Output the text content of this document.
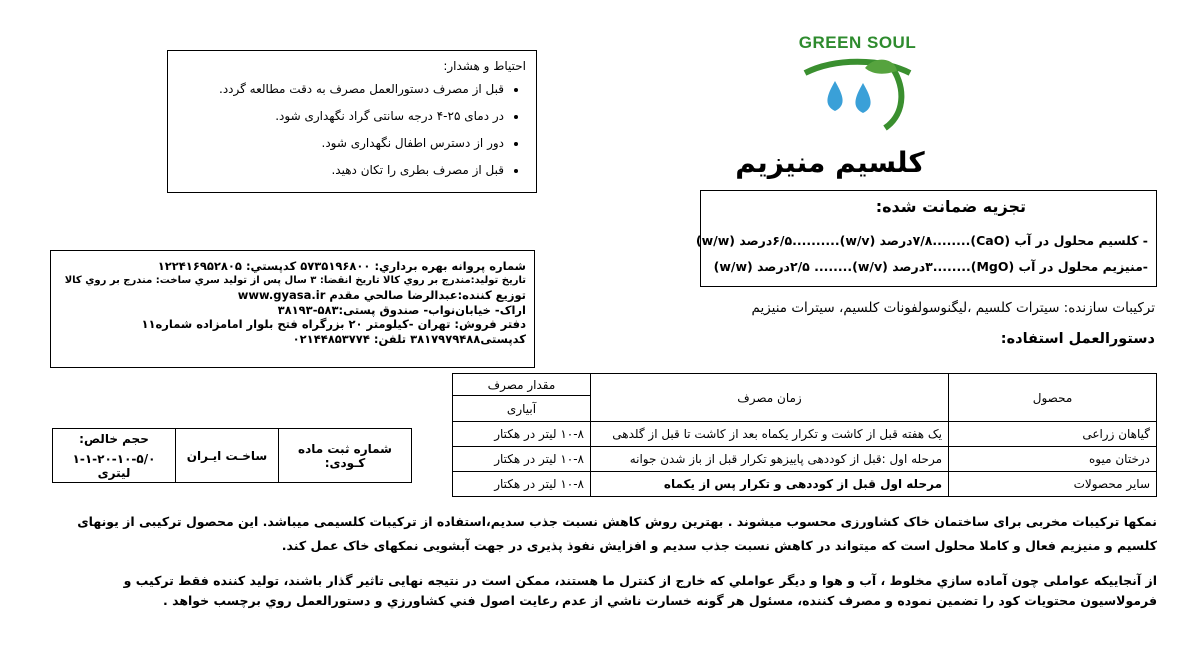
GREEN SOUL
احتیاط و هشدار:
• قبل از مصرف دستورالعمل مصرف به دقت مطالعه گردد.
• در دمای ۲۵-۴ درجه سانتی گراد نگهداری شود.
• دور از دسترس اطفال نگهداری شود.
• قبل از مصرف بطری را تکان دهید.	کلسیم منیزیم
تجزیه ضمانت شده:
- کلسیم محلول در آب (CaO)........۷/۸درصد (w/v)..........۶/۵درصد (w/w)
-منیزیم محلول در آب (MgO)........۳درصد (w/v)........ ۲/۵درصد (w/w)
شماره پروانه بهره برداري: ۵۷۳۵۱۹۶۸۰۰ كدپستي: ۱۲۲۴۱۶۹۵۲۸۰۵
تاریخ تولید:مندرج بر روي کالا تاریخ انقضا: ۳ سال پس از تولید سري ساخت: مندرج بر روي کالا
توزیع کننده:عبدالرضا صالحي مقدم www.gyasa.ir
اراک- خیابان‌نواب- صندوق پستی:۵۸۳-۳۸۱۹۳
دفتر فروش: تهران -کیلومتر ۲۰ بزرگراه فتح بلوار امامزاده شماره۱۱
کدپستی۳۸۱۷۹۷۹۴۸۸ تلفن: ۰۲۱۴۴۸۵۳۷۷۴
ترکیبات سازنده: سیترات کلسیم ،لیگنوسولفونات کلسیم، سیترات منیزیم
دستورالعمل استفاده:
محصول	زمان مصرف	مقدار مصرف
		آبیاری
گیاهان زراعی	یک هفته قبل از کاشت و تکرار یکماه بعد از کاشت تا قبل از گلدهی	۱۰-۸ لیتر در هکتار
درختان میوه	مرحله اول :قبل از کوددهی پاییزهو تکرار قبل از باز شدن جوانه	۱۰-۸ لیتر در هکتار
سایر محصولات	مرحله اول قبل از کوددهی و تکرار پس از یکماه	۱۰-۸ لیتر در هکتار
شماره ثبت ماده کـودی:	ساخـت ایـران	
حجم خالص:
۱-۱-۲۰-۱۰-۵/۰ لیتری
نمکها ترکیبات مخربی برای ساختمان خاک کشاورزی محسوب میشوند . بهترین روش کاهش نسبت جذب سدیم،استفاده از ترکیبات کلسیمی میباشد. این محصول ترکیبی از یونهای کلسیم و منیزیم فعال و کاملا محلول است که میتواند در کاهش نسبت جذب سدیم و افزایش نفوذ پذیری در جهت آبشویی نمکهای خاک عمل کند.
از آنجاییکه عواملی چون آماده سازي مخلوط ، آب و هوا و دیگر عواملي که خارج از کنترل ما هستند، ممکن است در نتیجه نهایی تاثیر گذار باشند، تولید کننده فقط ترکیب و فرمولاسیون محتویات کود را تضمین نموده و مصرف کننده، مسئول هر گونه خسارت ناشي از عدم رعایت اصول فني کشاورزي و دستورالعمل روي برچسب خواهد .
